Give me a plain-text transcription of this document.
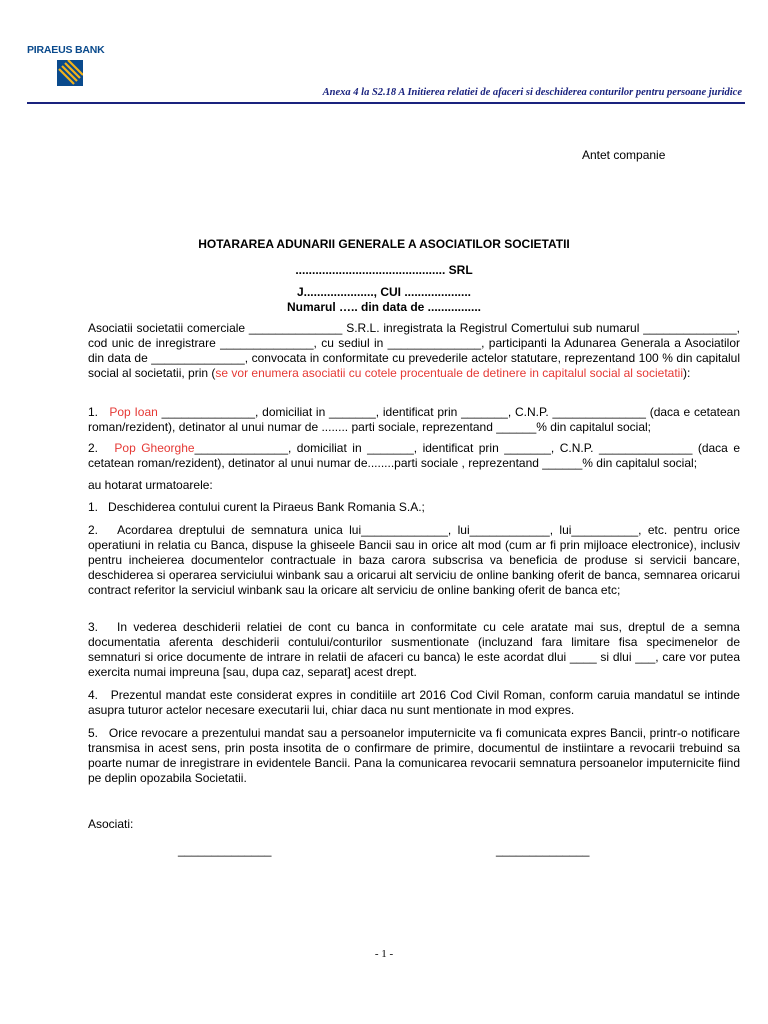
PIRAEUS BANK
Anexa 4 la S2.18 A Initierea relatiei de afaceri si deschiderea conturilor pentru persoane juridice
Antet companie
HOTARAREA ADUNARII GENERALE A ASOCIATILOR SOCIETATII
............................................. SRL
J....................., CUI ....................
Numarul ….. din data de ................

Asociatii societatii comerciale ______________ S.R.L. inregistrata la Registrul Comertului sub numarul ______________, cod unic de inregistrare ______________, cu sediul in ______________, participanti la Adunarea Generala a Asociatilor din data de ______________, convocata in conformitate cu prevederile actelor statutare, reprezentand 100 % din capitalul social al societatii, prin (se vor enumera asociatii cu cotele procentuale de detinere in capitalul social al societatii):

1. Pop Ioan ______________, domiciliat in _______, identificat prin _______, C.N.P. ______________ (daca e cetatean roman/rezident), detinator al unui numar de ........ parti sociale, reprezentand ______% din capitalul social;

2. Pop Gheorghe______________, domiciliat in _______, identificat prin _______, C.N.P. ______________ (daca e cetatean roman/rezident), detinator al unui numar de........parti sociale , reprezentand ______% din capitalul social;

au hotarat urmatoarele:

1. Deschiderea contului curent la Piraeus Bank Romania S.A.;

2. Acordarea dreptului de semnatura unica lui_____________, lui____________, lui__________, etc. pentru orice operatiuni in relatia cu Banca, dispuse la ghiseele Bancii sau in orice alt mod (cum ar fi prin mijloace electronice), inclusiv pentru incheierea documentelor contractuale in baza carora subscrisa va beneficia de produse si servicii bancare, deschiderea si operarea serviciului winbank sau a oricarui alt serviciu de online banking oferit de banca, semnarea oricarui contract referitor la serviciul winbank sau la oricare alt serviciu de online banking oferit de banca etc;

3. In vederea deschiderii relatiei de cont cu banca in conformitate cu cele aratate mai sus, dreptul de a semna documentatia aferenta deschiderii contului/conturilor susmentionate (incluzand fara limitare fisa specimenelor de semnaturi si orice documente de intrare in relatii de afaceri cu banca) le este acordat dlui ____ si dlui ___, care vor putea exercita numai impreuna [sau, dupa caz, separat] acest drept.

4. Prezentul mandat este considerat expres in conditiile art 2016 Cod Civil Roman, conform caruia mandatul se intinde asupra tuturor actelor necesare executarii lui, chiar daca nu sunt mentionate in mod expres.

5. Orice revocare a prezentului mandat sau a persoanelor imputernicite va fi comunicata expres Bancii, printr-o notificare transmisa in acest sens, prin posta insotita de o confirmare de primire, documentul de instiintare a revocarii trebuind sa poarte numar de inregistrare in evidentele Bancii. Pana la comunicarea revocarii semnatura persoanelor imputernicite fiind pe deplin opozabila Societatii.

Asociati:
______________	______________
- 1 -
